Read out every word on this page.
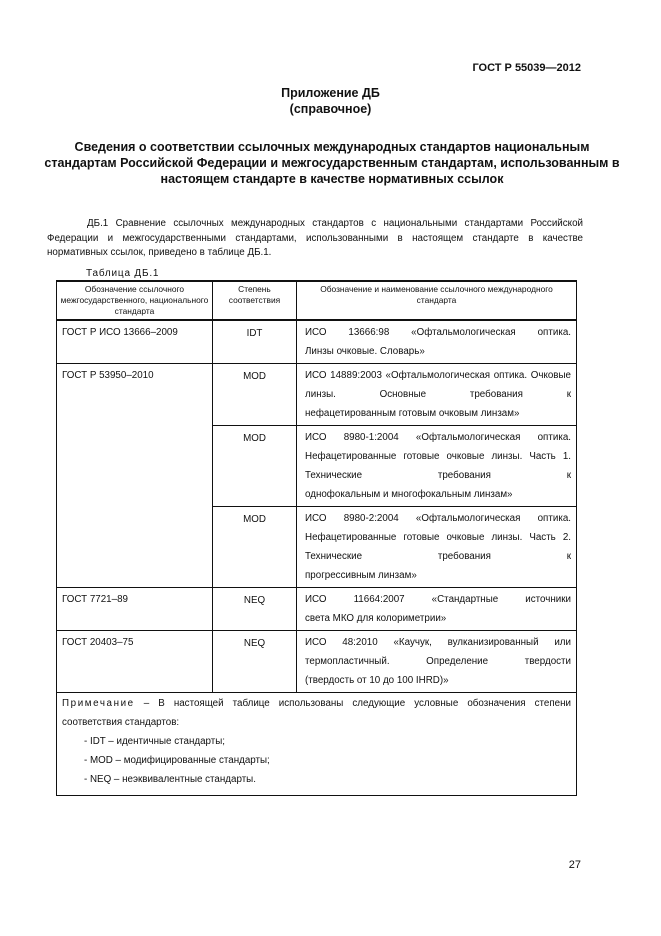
ГОСТ Р 55039—2012
Приложение ДБ
(справочное)
Сведения о соответствии ссылочных международных стандартов национальным стандартам Российской Федерации и межгосударственным стандартам, использованным в настоящем стандарте в качестве нормативных ссылок
ДБ.1 Сравнение ссылочных международных стандартов с национальными стандартами Российской Федерации и межгосударственными стандартами, использованными в настоящем стандарте в качестве нормативных ссылок, приведено в таблице ДБ.1.
Таблица ДБ.1
Обозначение ссылочного межгосударственного, национального стандарта	Степень соответствия	Обозначение и наименование ссылочного международного стандарта
ГОСТ Р ИСО 13666–2009	IDT	ИСО 13666:98 «Офтальмологическая оптика.
Линзы очковые. Словарь»

ГОСТ Р 53950–2010	MOD	ИСО 14889:2003 «Офтальмологическая оптика. Очковые линзы. Основные требования к
нефацетированным готовым очковым линзам»

	MOD	ИСО 8980-1:2004 «Офтальмологическая оптика. Нефацетированные готовые очковые линзы. Часть 1. Технические требования к
однофокальным и многофокальным линзам»

	MOD	ИСО 8980-2:2004 «Офтальмологическая оптика. Нефацетированные готовые очковые линзы. Часть 2. Технические требования к
прогрессивным линзам»

ГОСТ 7721–89	NEQ	ИСО 11664:2007 «Стандартные источники
света МКО для колориметрии»

ГОСТ 20403–75	NEQ	ИСО 48:2010 «Каучук, вулканизированный или термопластичный. Определение твердости
(твердость от 10 до 100 IHRD)»

Примечание – В настоящей таблице использованы следующие условные обозначения степени соответствия стандартов:
- IDT – идентичные стандарты;
- MOD – модифицированные стандарты;
- NEQ – неэквивалентные стандарты.		
27
